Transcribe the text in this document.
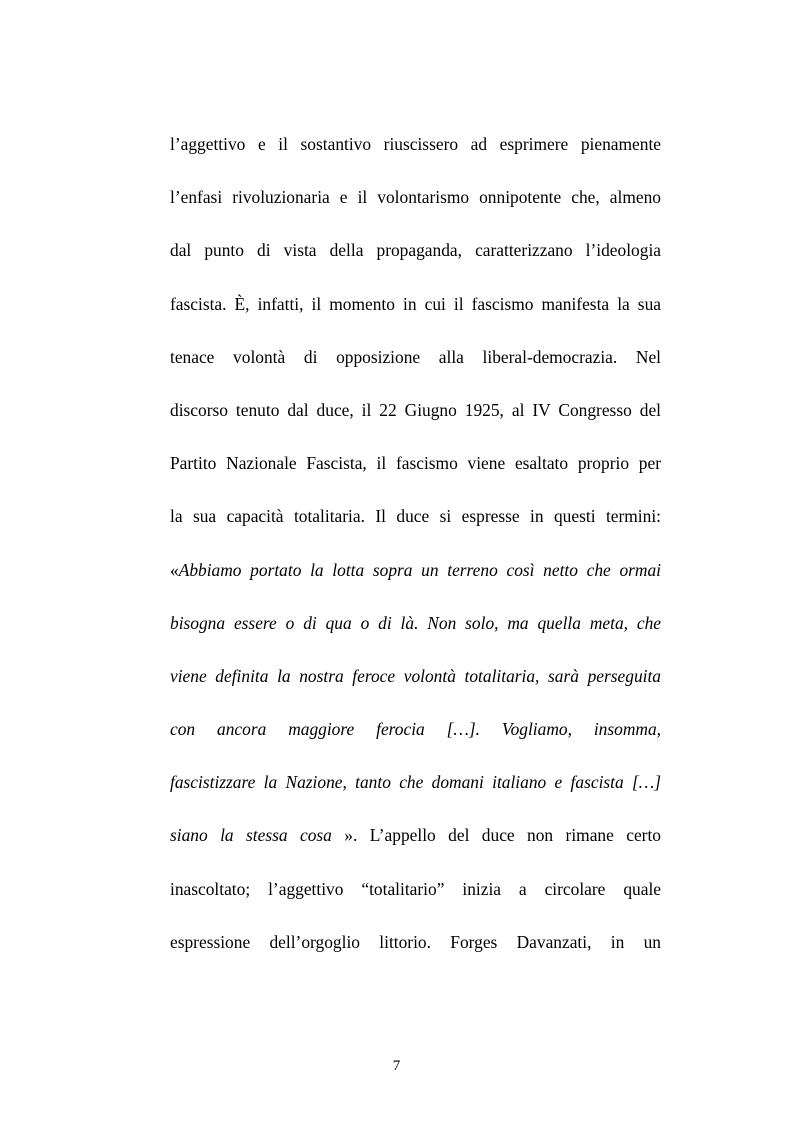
l’aggettivo e il sostantivo riuscissero ad esprimere pienamente
l’enfasi rivoluzionaria e il volontarismo onnipotente che, almeno
dal punto di vista della propaganda, caratterizzano l’ideologia
fascista. È, infatti, il momento in cui il fascismo manifesta la sua
tenace volontà di opposizione alla liberal-democrazia. Nel
discorso tenuto dal duce, il 22 Giugno 1925, al IV Congresso del
Partito Nazionale Fascista, il fascismo viene esaltato proprio per
la sua capacità totalitaria. Il duce si espresse in questi termini:
«Abbiamo portato la lotta sopra un terreno così netto che ormai
bisogna essere o di qua o di là. Non solo, ma quella meta, che
viene definita la nostra feroce volontà totalitaria, sarà perseguita
con ancora maggiore ferocia […]. Vogliamo, insomma,
fascistizzare la Nazione, tanto che domani italiano e fascista […]
siano la stessa cosa ». L’appello del duce non rimane certo
inascoltato; l’aggettivo “totalitario” inizia a circolare quale
espressione dell’orgoglio littorio. Forges Davanzati, in un
7
